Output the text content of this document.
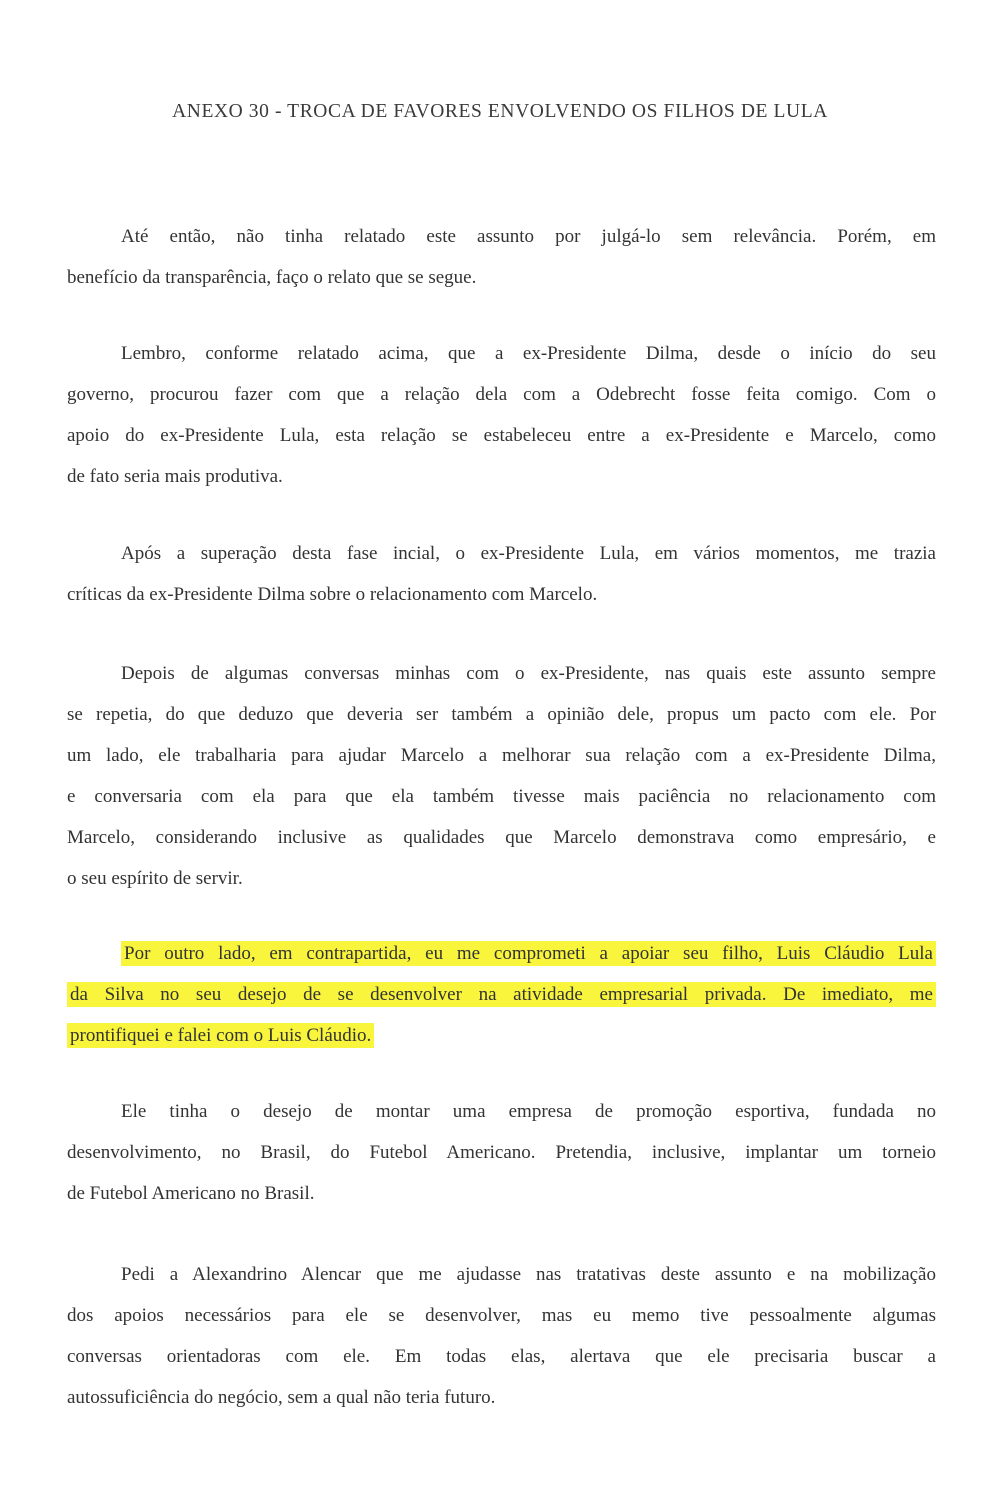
ANEXO 30 - TROCA DE FAVORES ENVOLVENDO OS FILHOS DE LULA
Até então, não tinha relatado este assunto por julgá-lo sem relevância. Porém, em
benefício da transparência, faço o relato que se segue.
Lembro, conforme relatado acima, que a ex-Presidente Dilma, desde o início do seu
governo, procurou fazer com que a relação dela com a Odebrecht fosse feita comigo. Com o
apoio do ex-Presidente Lula, esta relação se estabeleceu entre a ex-Presidente e Marcelo, como
de fato seria mais produtiva.
Após a superação desta fase incial, o ex-Presidente Lula, em vários momentos, me trazia
críticas da ex-Presidente Dilma sobre o relacionamento com Marcelo.
Depois de algumas conversas minhas com o ex-Presidente, nas quais este assunto sempre
se repetia, do que deduzo que deveria ser também a opinião dele, propus um pacto com ele. Por
um lado, ele trabalharia para ajudar Marcelo a melhorar sua relação com a ex-Presidente Dilma,
e conversaria com ela para que ela também tivesse mais paciência no relacionamento com
Marcelo, considerando inclusive as qualidades que Marcelo demonstrava como empresário, e
o seu espírito de servir.
Por outro lado, em contrapartida, eu me comprometi a apoiar seu filho, Luis Cláudio Lula
da Silva no seu desejo de se desenvolver na atividade empresarial privada. De imediato, me
prontifiquei e falei com o Luis Cláudio.
Ele tinha o desejo de montar uma empresa de promoção esportiva, fundada no
desenvolvimento, no Brasil, do Futebol Americano. Pretendia, inclusive, implantar um torneio
de Futebol Americano no Brasil.
Pedi a Alexandrino Alencar que me ajudasse nas tratativas deste assunto e na mobilização
dos apoios necessários para ele se desenvolver, mas eu memo tive pessoalmente algumas
conversas orientadoras com ele. Em todas elas, alertava que ele precisaria buscar a
autossuficiência do negócio, sem a qual não teria futuro.
